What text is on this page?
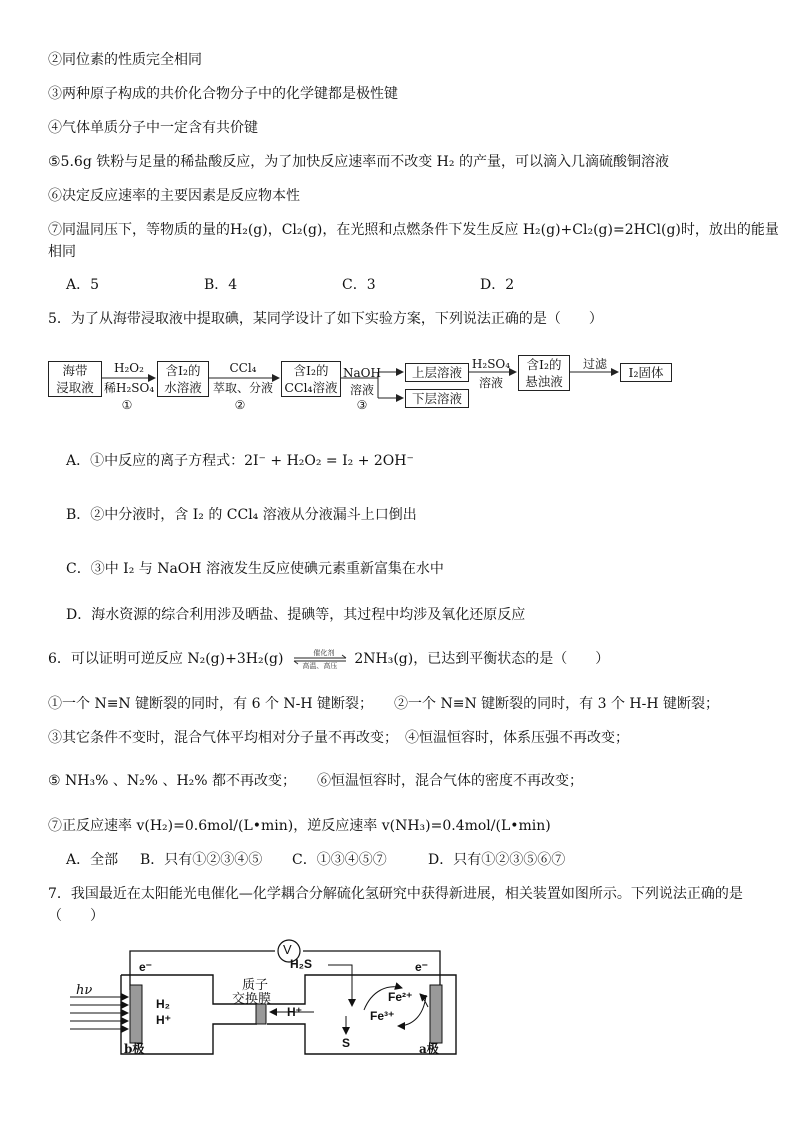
②同位素的性质完全相同
③两种原子构成的共价化合物分子中的化学键都是极性键
④气体单质分子中一定含有共价键
⑤5.6g 铁粉与足量的稀盐酸反应，为了加快反应速率而不改变 H₂ 的产量，可以滴入几滴硫酸铜溶液
⑥决定反应速率的主要因素是反应物本性
⑦同温同压下，等物质的量的H₂(g)，Cl₂(g)，在光照和点燃条件下发生反应 H₂(g)+Cl₂(g)=2HCl(g)时，放出的能量
相同
A．5	B．4	C．3	D．2
5．为了从海带浸取液中提取碘，某同学设计了如下实验方案，下列说法正确的是（　　）
海带
浸取液
H₂O₂
稀H₂SO₄
①
含I₂的
水溶液
CCl₄
萃取、分液
②
含I₂的
CCl₄溶液
NaOH
溶液
③
上层溶液
下层溶液
H₂SO₄
溶液
含I₂的
悬浊液
过滤
I₂固体
A．①中反应的离子方程式：2I⁻ + H₂O₂ = I₂ + 2OH⁻
B．②中分液时，含 I₂ 的 CCl₄ 溶液从分液漏斗上口倒出
C．③中 I₂ 与 NaOH 溶液发生反应使碘元素重新富集在水中
D．海水资源的综合利用涉及晒盐、提碘等，其过程中均涉及氧化还原反应
6．可以证明可逆反应 N₂(g)+3H₂(g)	催化剂
高温、高压	2NH₃(g)，已达到平衡状态的是（　　）
①一个 N≡N 键断裂的同时，有 6 个 N-H 键断裂；　　②一个 N≡N 键断裂的同时，有 3 个 H-H 键断裂；
③其它条件不变时，混合气体平均相对分子量不再改变；　④恒温恒容时，体系压强不再改变；
⑤ NH₃% 、N₂% 、H₂% 都不再改变；　　⑥恒温恒容时，混合气体的密度不再改变；
⑦正反应速率 v(H₂)=0.6mol/(L•min)，逆反应速率 v(NH₃)=0.4mol/(L•min)
A．全部 B．只有①②③④⑤ C．①③④⑤⑦	D．只有①②③⑤⑥⑦
7．我国最近在太阳能光电催化—化学耦合分解硫化氢研究中获得新进展，相关装置如图所示。下列说法正确的是
（　　）
V
e⁻	e⁻
H₂S
质子
交换膜
H₂
H⁺
H⁺
hν	Fe²⁺
Fe³⁺
S
b极	a极
